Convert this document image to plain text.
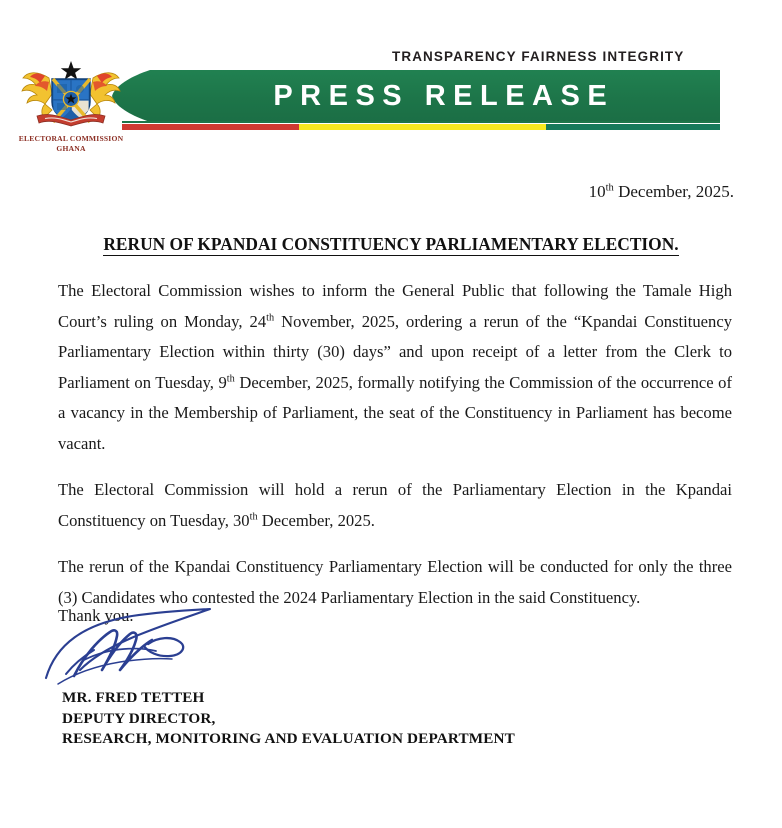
TRANSPARENCY FAIRNESS INTEGRITY
PRESS RELEASE
ELECTORAL COMMISSION
GHANA
10th December, 2025.
RERUN OF KPANDAI CONSTITUENCY PARLIAMENTARY ELECTION.

The Electoral Commission wishes to inform the General Public that following the Tamale High Court’s ruling on Monday, 24th November, 2025, ordering a rerun of the “Kpandai Constituency Parliamentary Election within thirty (30) days” and upon receipt of a letter from the Clerk to Parliament on Tuesday, 9th December, 2025, formally notifying the Commission of the occurrence of a vacancy in the Membership of Parliament, the seat of the Constituency in Parliament has become vacant.

The Electoral Commission will hold a rerun of the Parliamentary Election in the Kpandai Constituency on Tuesday, 30th December, 2025.

The rerun of the Kpandai Constituency Parliamentary Election will be conducted for only the three (3) Candidates who contested the 2024 Parliamentary Election in the said Constituency.

Thank you.
MR. FRED TETTEH
DEPUTY DIRECTOR,
RESEARCH, MONITORING AND EVALUATION DEPARTMENT
